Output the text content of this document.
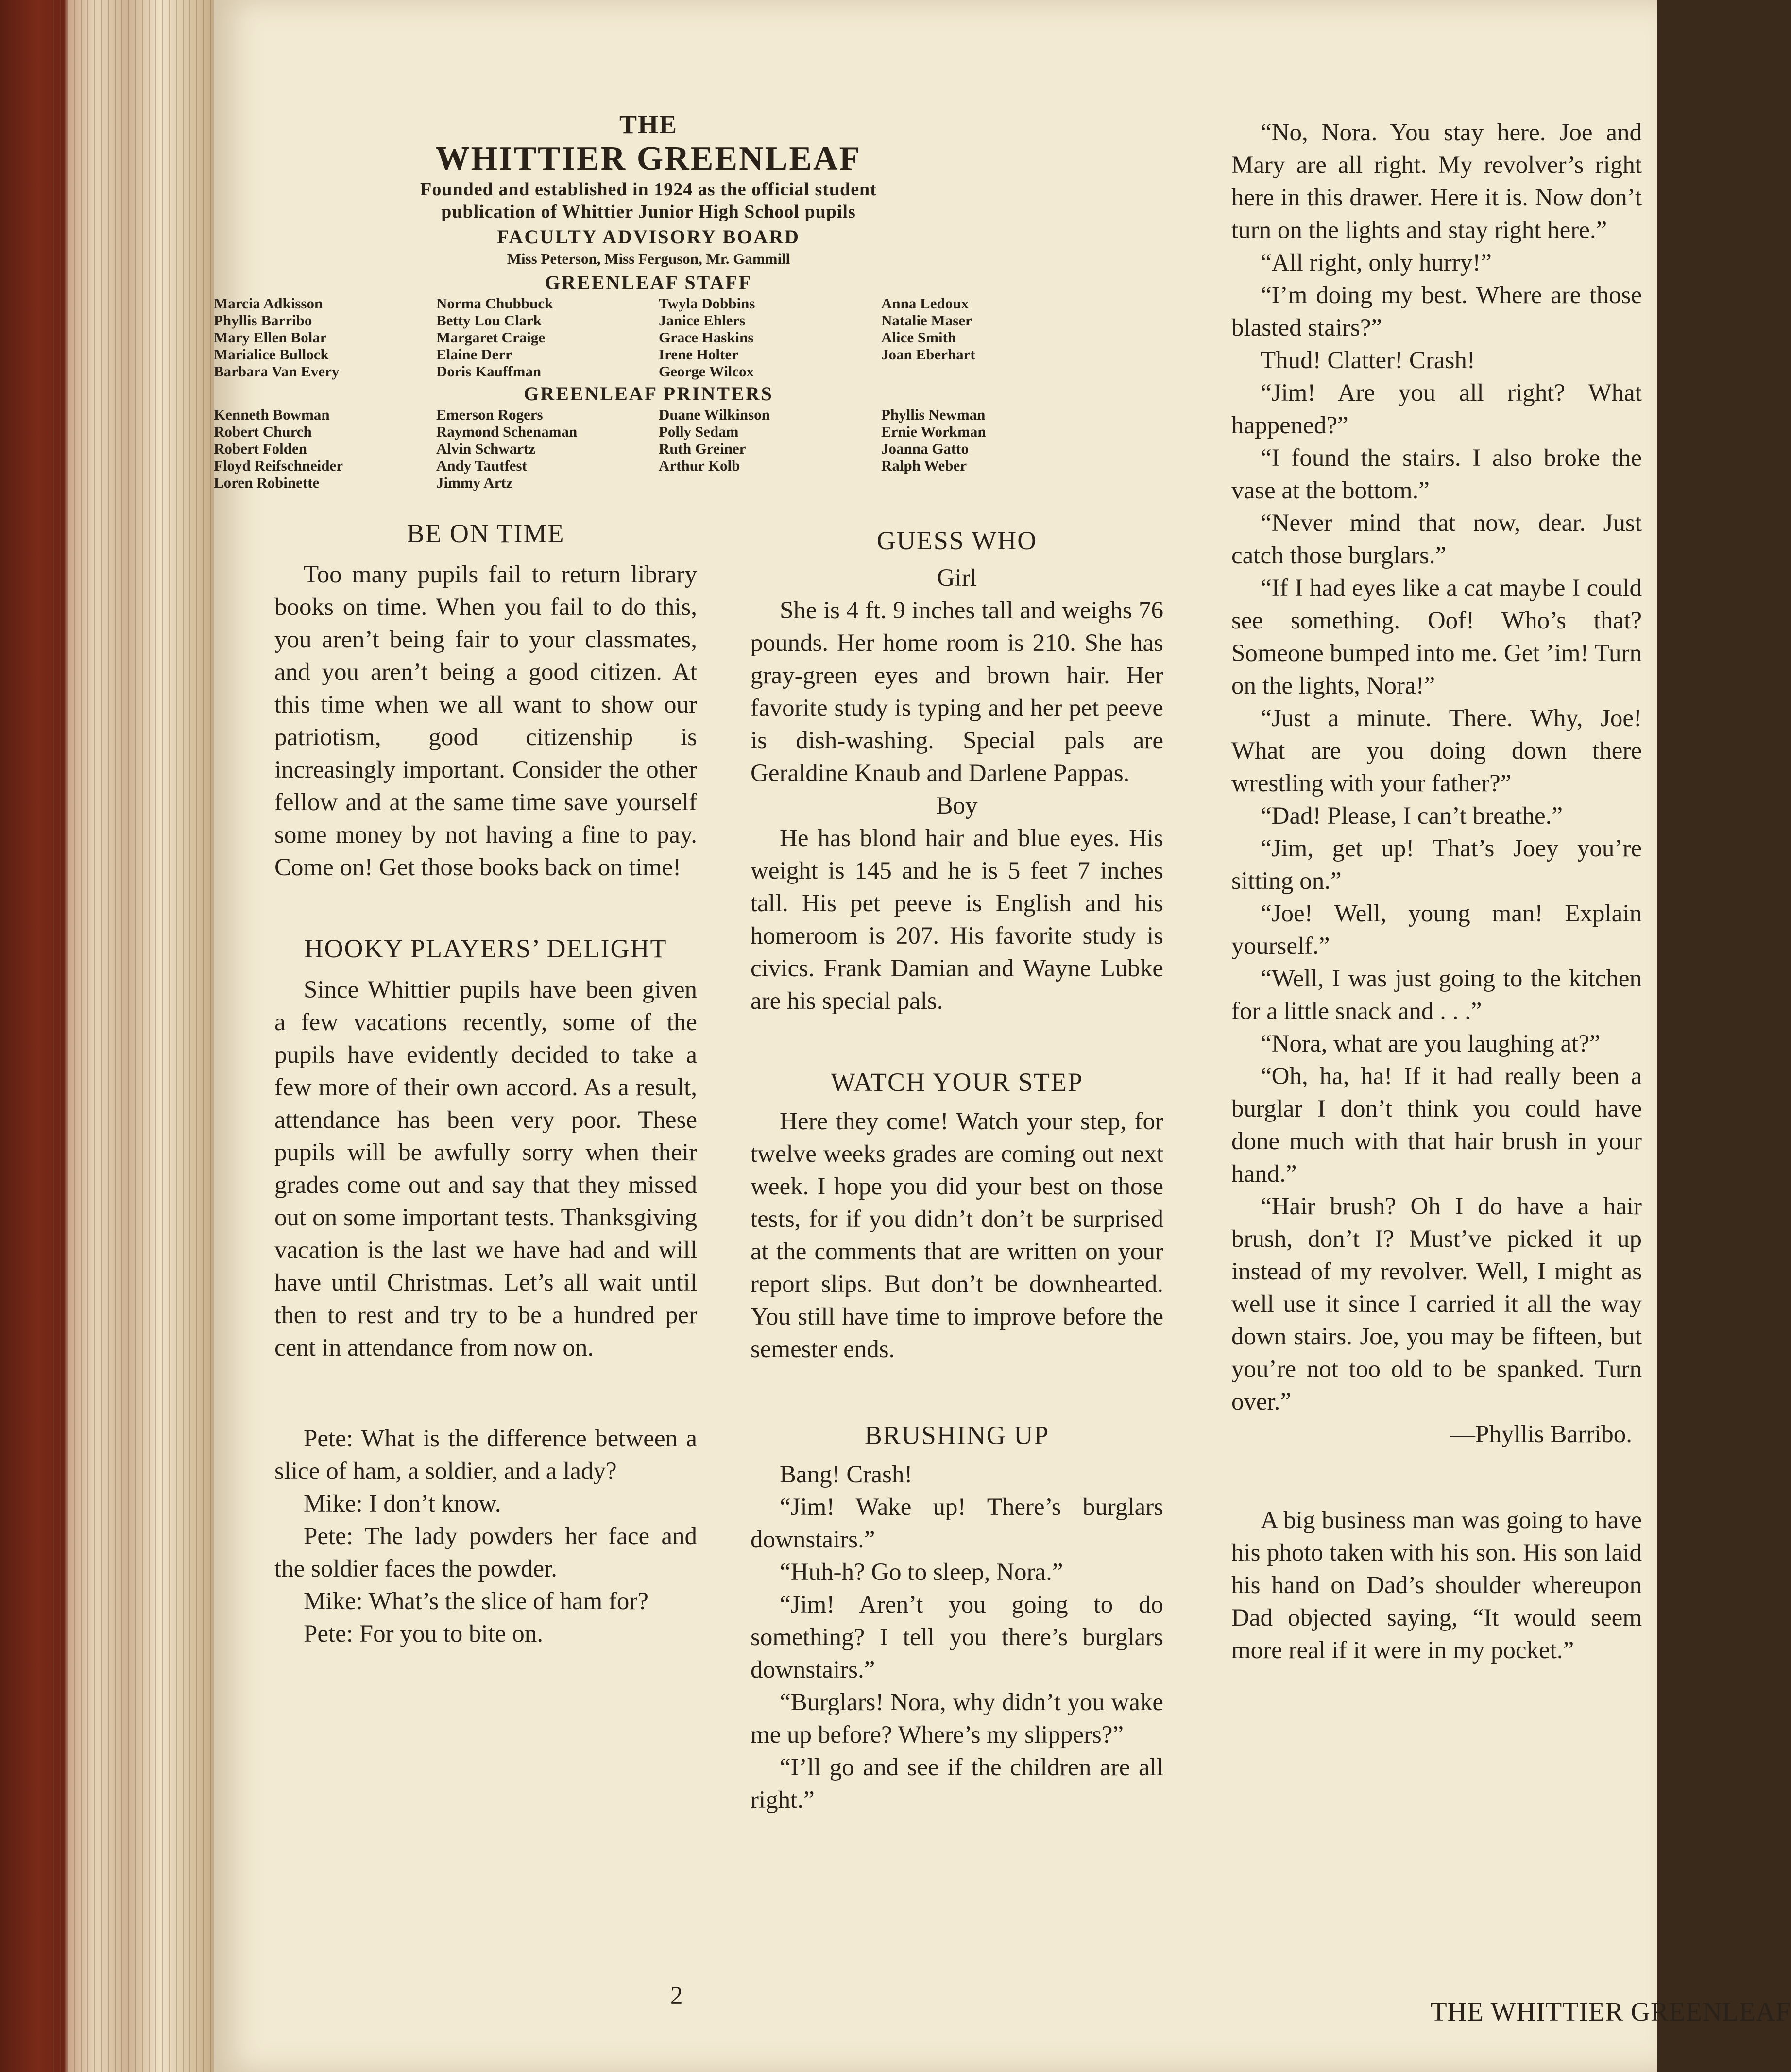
THE
WHITTIER GREENLEAF
Founded and established in 1924 as the official student
publication of Whittier Junior High School pupils
FACULTY ADVISORY BOARD
Miss Peterson, Miss Ferguson, Mr. Gammill
GREENLEAF STAFF
Marcia Adkisson
Phyllis Barribo
Mary Ellen Bolar
Marialice Bullock
Barbara Van Every
Norma Chubbuck
Betty Lou Clark
Margaret Craige
Elaine Derr
Doris Kauffman
Twyla Dobbins
Janice Ehlers
Grace Haskins
Irene Holter
George Wilcox
Anna Ledoux
Natalie Maser
Alice Smith
Joan Eberhart
GREENLEAF PRINTERS
Kenneth Bowman
Robert Church
Robert Folden
Floyd Reifschneider
Loren Robinette
Emerson Rogers
Raymond Schenaman
Alvin Schwartz
Andy Tautfest
Jimmy Artz
Duane Wilkinson
Polly Sedam
Ruth Greiner
Arthur Kolb
Phyllis Newman
Ernie Workman
Joanna Gatto
Ralph Weber

BE ON TIME

Too many pupils fail to return library books on time. When you fail to do this, you aren’t being fair to your classmates, and you aren’t being a good citizen. At this time when we all want to show our patriotism, good citizenship is increasingly important. Consider the other fellow and at the same time save yourself some money by not having a fine to pay. Come on! Get those books back on time!

HOOKY PLAYERS’ DELIGHT

Since Whittier pupils have been given a few vacations recently, some of the pupils have evidently decided to take a few more of their own accord. As a result, attendance has been very poor. These pupils will be awfully sorry when their grades come out and say that they missed out on some important tests. Thanksgiving vacation is the last we have had and will have until Christmas. Let’s all wait until then to rest and try to be a hundred per cent in attendance from now on.

Pete: What is the difference between a slice of ham, a soldier, and a lady?

Mike: I don’t know.

Pete: The lady powders her face and the soldier faces the powder.

Mike: What’s the slice of ham for?

Pete: For you to bite on.

2

GUESS WHO

Girl

She is 4 ft. 9 inches tall and weighs 76 pounds. Her home room is 210. She has gray-green eyes and brown hair. Her favorite study is typing and her pet peeve is dish-washing. Special pals are Geraldine Knaub and Darlene Pappas.

Boy

He has blond hair and blue eyes. His weight is 145 and he is 5 feet 7 inches tall. His pet peeve is English and his homeroom is 207. His favorite study is civics. Frank Damian and Wayne Lubke are his special pals.

WATCH YOUR STEP

Here they come! Watch your step, for twelve weeks grades are coming out next week. I hope you did your best on those tests, for if you didn’t don’t be surprised at the comments that are written on your report slips. But don’t be downhearted. You still have time to improve before the semester ends.

BRUSHING UP

Bang! Crash!

“Jim! Wake up! There’s burglars downstairs.”

“Huh-h? Go to sleep, Nora.”

“Jim! Aren’t you going to do something? I tell you there’s burglars downstairs.”

“Burglars! Nora, why didn’t you wake me up before? Where’s my slippers?”

“I’ll go and see if the children are all right.”

“No, Nora. You stay here. Joe and Mary are all right. My revolver’s right here in this drawer. Here it is. Now don’t turn on the lights and stay right here.”

“All right, only hurry!”

“I’m doing my best. Where are those blasted stairs?”

Thud! Clatter! Crash!

“Jim! Are you all right? What happened?”

“I found the stairs. I also broke the vase at the bottom.”

“Never mind that now, dear. Just catch those burglars.”

“If I had eyes like a cat maybe I could see something. Oof! Who’s that? Someone bumped into me. Get ’im! Turn on the lights, Nora!”

“Just a minute. There. Why, Joe! What are you doing down there wrestling with your father?”

“Dad! Please, I can’t breathe.”

“Jim, get up! That’s Joey you’re sitting on.”

“Joe! Well, young man! Explain yourself.”

“Well, I was just going to the kitchen for a little snack and . . .”

“Nora, what are you laughing at?”

“Oh, ha, ha! If it had really been a burglar I don’t think you could have done much with that hair brush in your hand.”

“Hair brush? Oh I do have a hair brush, don’t I? Must’ve picked it up instead of my revolver. Well, I might as well use it since I carried it all the way down stairs. Joe, you may be fifteen, but you’re not too old to be spanked. Turn over.”

—Phyllis Barribo.

A big business man was going to have his photo taken with his son. His son laid his hand on Dad’s shoulder whereupon Dad objected saying, “It would seem more real if it were in my pocket.”

THE WHITTIER GREENLEAF
